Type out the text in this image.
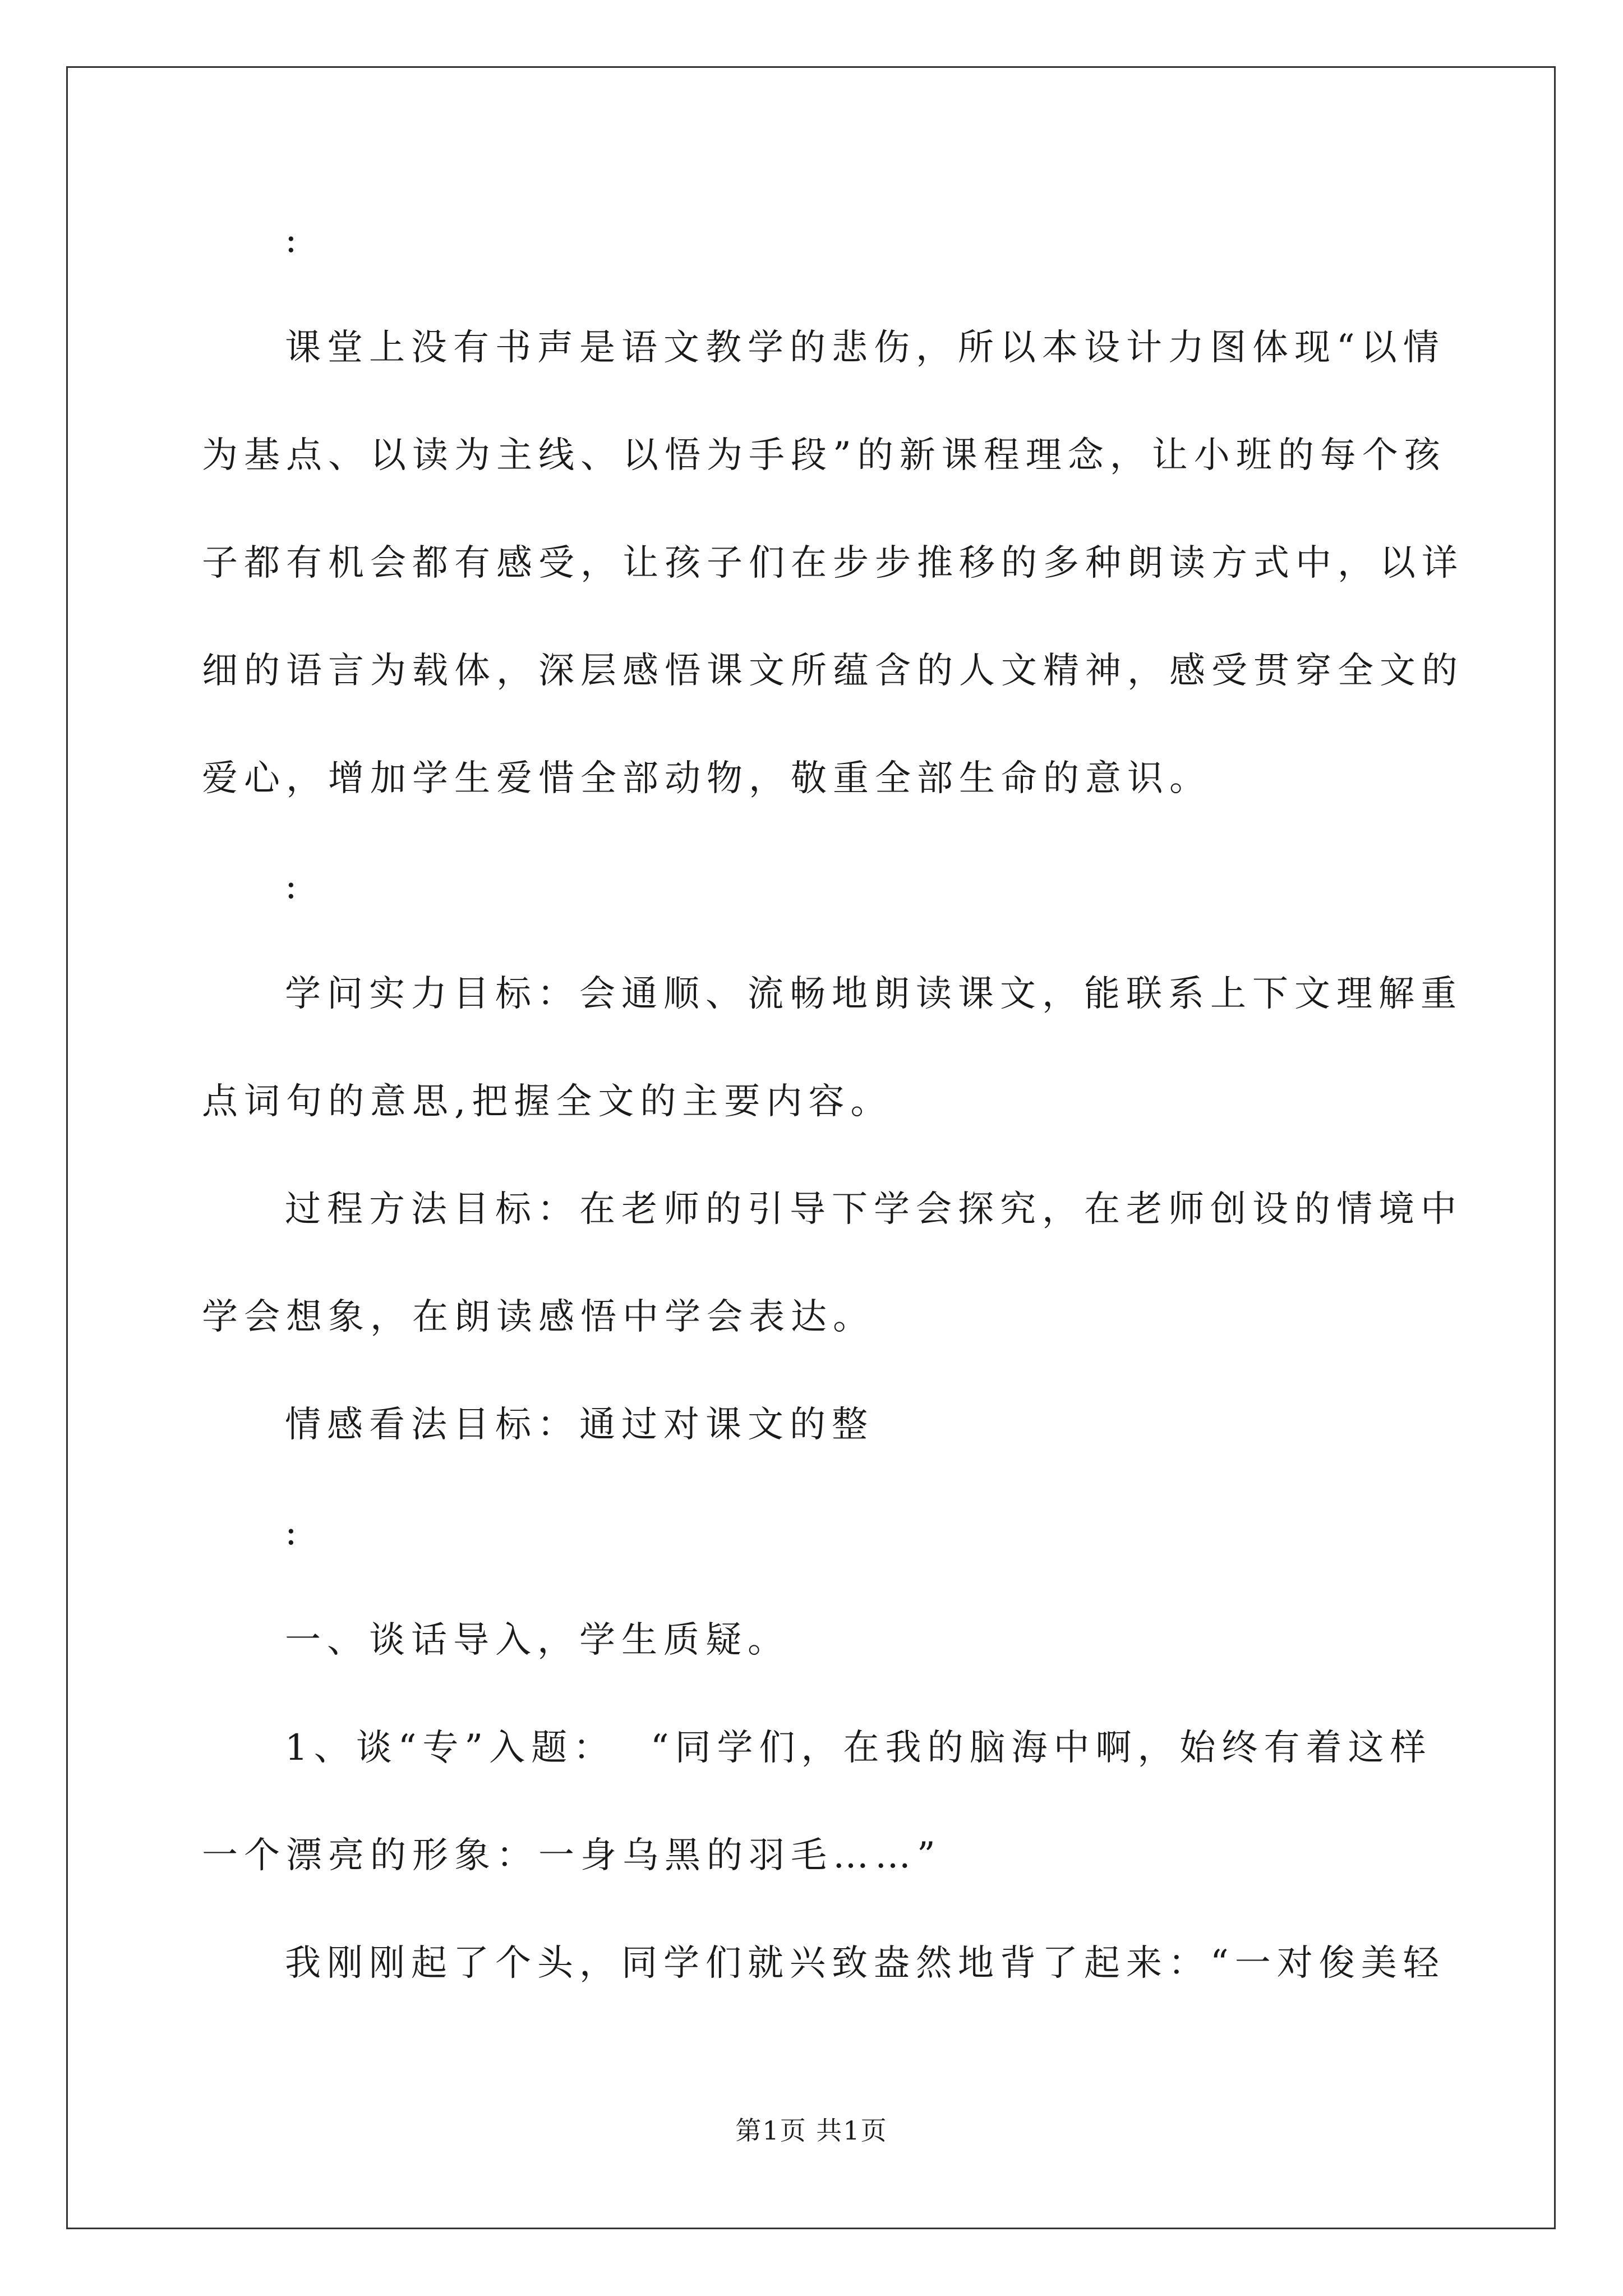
:
课堂上没有书声是语文教学的悲伤，所以本设计力图体现“以情
为基点、以读为主线、以悟为手段”的新课程理念，让小班的每个孩
子都有机会都有感受，让孩子们在步步推移的多种朗读方式中，以详
细的语言为载体，深层感悟课文所蕴含的人文精神，感受贯穿全文的
爱心，增加学生爱惜全部动物，敬重全部生命的意识。
:
学问实力目标：会通顺、流畅地朗读课文，能联系上下文理解重
点词句的意思,把握全文的主要内容。
过程方法目标：在老师的引导下学会探究，在老师创设的情境中
学会想象，在朗读感悟中学会表达。
情感看法目标：通过对课文的整
:
一、谈话导入，学生质疑。
1、谈“专”入题：  “同学们，在我的脑海中啊，始终有着这样
一个漂亮的形象：一身乌黑的羽毛……”
我刚刚起了个头，同学们就兴致盎然地背了起来：“一对俊美轻
第1页 共1页
